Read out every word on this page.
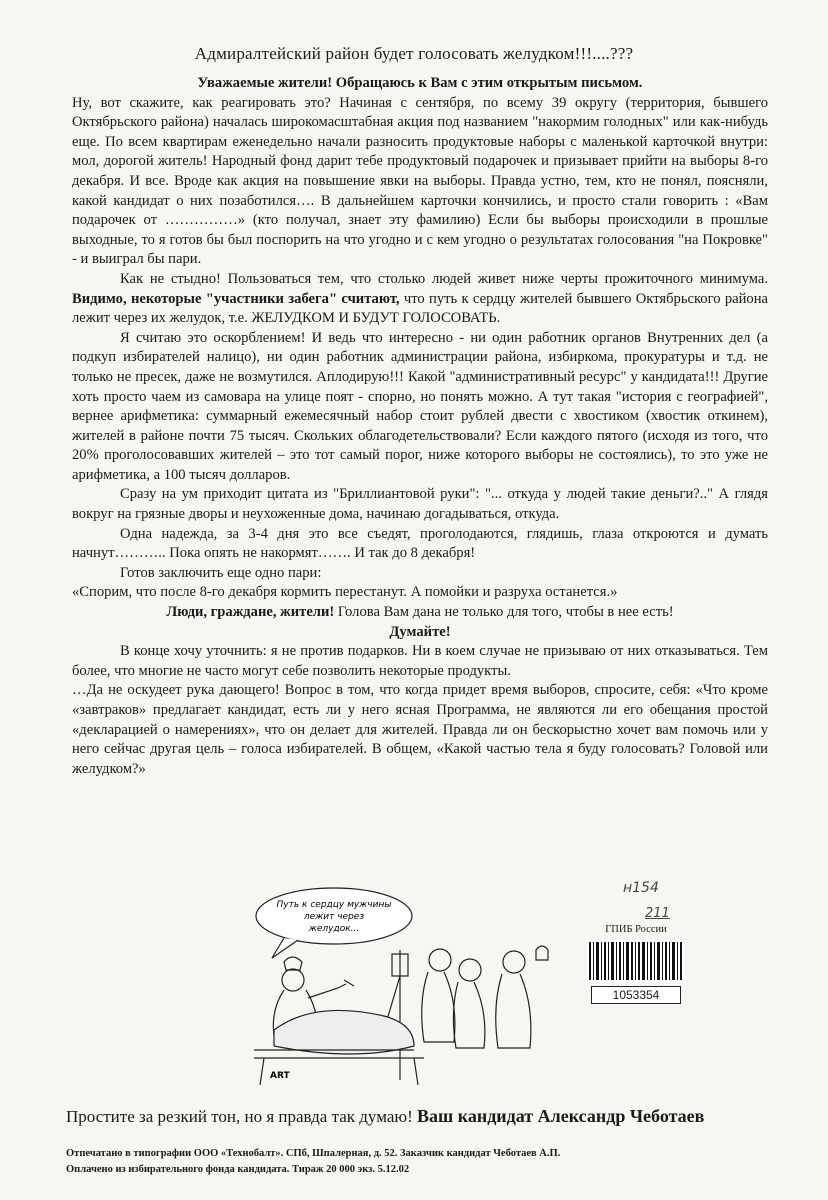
Адмиралтейский район будет голосовать желудком!!!....???

Уважаемые жители! Обращаюсь к Вам с этим открытым письмом.

Ну, вот скажите, как реагировать это? Начиная с сентября, по всему 39 округу (территория, бывшего Октябрьского района) началась широкомасштабная акция под названием "накормим голодных" или как-нибудь еще. По всем квартирам еженедельно начали разносить продуктовые наборы с маленькой карточкой внутри: мол, дорогой житель! Народный фонд дарит тебе продуктовый подарочек и призывает прийти на выборы 8-го декабря. И все. Вроде как акция на повышение явки на выборы. Правда устно, тем, кто не понял, поясняли, какой кандидат о них позаботился…. В дальнейшем карточки кончились, и просто стали говорить : «Вам подарочек от ……………» (кто получал, знает эту фамилию) Если бы выборы происходили в прошлые выходные, то я готов бы был поспорить на что угодно и с кем угодно о результатах голосования "на Покровке" - и выиграл бы пари.

Как не стыдно! Пользоваться тем, что столько людей живет ниже черты прожиточного минимума. Видимо, некоторые "участники забега" считают, что путь к сердцу жителей бывшего Октябрьского района лежит через их желудок, т.е. ЖЕЛУДКОМ И БУДУТ ГОЛОСОВАТЬ.

Я считаю это оскорблением! И ведь что интересно - ни один работник органов Внутренних дел (а подкуп избирателей налицо), ни один работник администрации района, избиркома, прокуратуры и т.д. не только не пресек, даже не возмутился. Аплодирую!!! Какой "административный ресурс" у кандидата!!! Другие хоть просто чаем из самовара на улице поят - спорно, но понять можно. А тут такая "история с географией", вернее арифметика: суммарный ежемесячный набор стоит рублей двести с хвостиком (хвостик откинем), жителей в районе почти 75 тысяч. Скольких облагодетельствовали? Если каждого пятого (исходя из того, что 20% проголосовавших жителей – это тот самый порог, ниже которого выборы не состоялись), то это уже не арифметика, а 100 тысяч долларов.

Сразу на ум приходит цитата из "Бриллиантовой руки": "... откуда у людей такие деньги?.." А глядя вокруг на грязные дворы и неухоженные дома, начинаю догадываться, откуда.

Одна надежда, за 3-4 дня это все съедят, проголодаются, глядишь, глаза откроются и думать начнут……….. Пока опять не накормят……. И так до 8 декабря!

Готов заключить еще одно пари:

«Спорим, что после 8-го декабря кормить перестанут. А помойки и разруха останется.»

Люди, граждане, жители! Голова Вам дана не только для того, чтобы в нее есть!

Думайте!

В конце хочу уточнить: я не против подарков. Ни в коем случае не призываю от них отказываться. Тем более, что многие не часто могут себе позволить некоторые продукты.

…Да не оскудеет рука дающего! Вопрос в том, что когда придет время выборов, спросите, себя: «Что кроме «завтраков» предлагает кандидат, есть ли у него ясная Программа, не являются ли его обещания простой «декларацией о намерениях», что он делает для жителей. Правда ли он бескорыстно хочет вам помочь или у него сейчас другая цель – голоса избирателей. В общем, «Какой частью тела я буду голосовать? Головой или желудком?»

Путь к сердцу мужчины
лежит через
желудок...
ART
н154
211
ГПИБ России
1053354
Простите за резкий тон, но я правда так думаю! Ваш кандидат Александр Чеботаев
Отпечатано в типографии ООО «Технобалт». СПб, Шпалерная, д. 52. Заказчик кандидат Чеботаев А.П.
Оплачено из избирательного фонда кандидата. Тираж 20 000 экз. 5.12.02
